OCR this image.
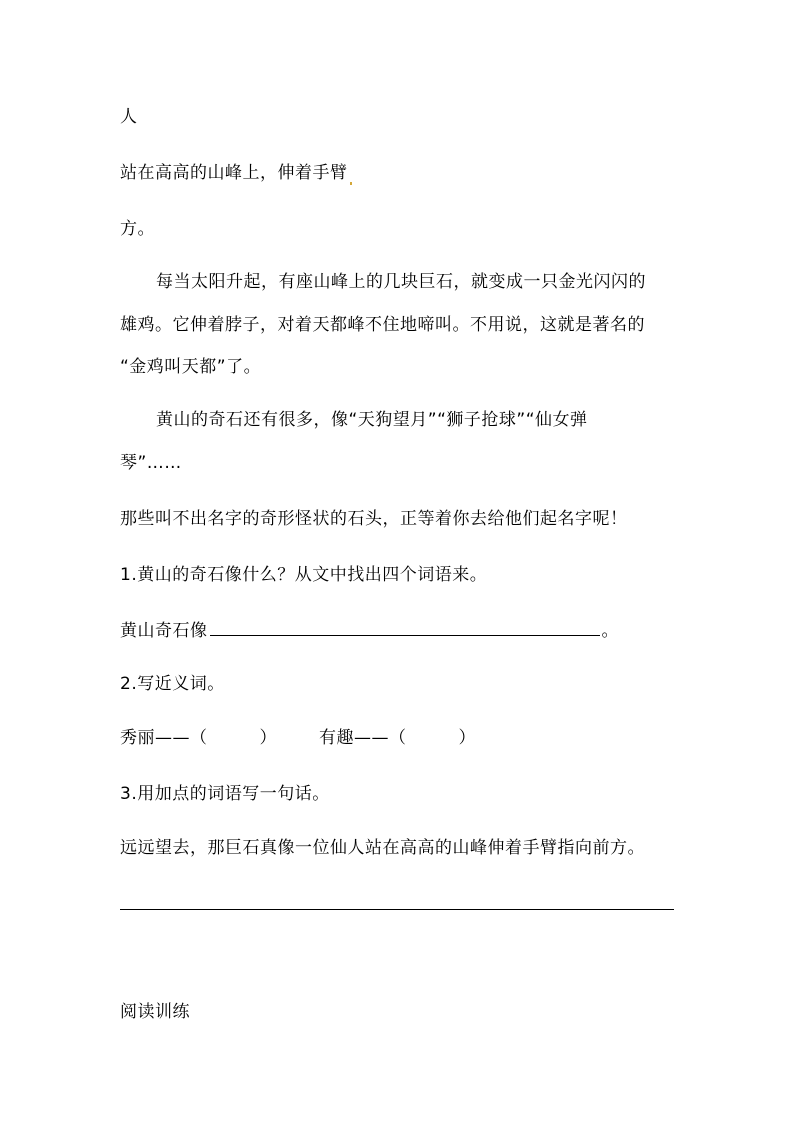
人
站在高高的山峰上，伸着手臂
方。
每当太阳升起，有座山峰上的几块巨石，就变成一只金光闪闪的
雄鸡。它伸着脖子，对着天都峰不住地啼叫。不用说，这就是著名的
“金鸡叫天都”了。
黄山的奇石还有很多，像“天狗望月”“狮子抢球”“仙女弹
琴”……
那些叫不出名字的奇形怪状的石头，正等着你去给他们起名字呢！
1.黄山的奇石像什么？从文中找出四个词语来。
黄山奇石像	。
2.写近义词。
秀丽——（	） 有趣——（	）
3.用加点的词语写一句话。
远远望去，那巨石真像一位仙人站在高高的山峰伸着手臂指向前方。
阅读训练
